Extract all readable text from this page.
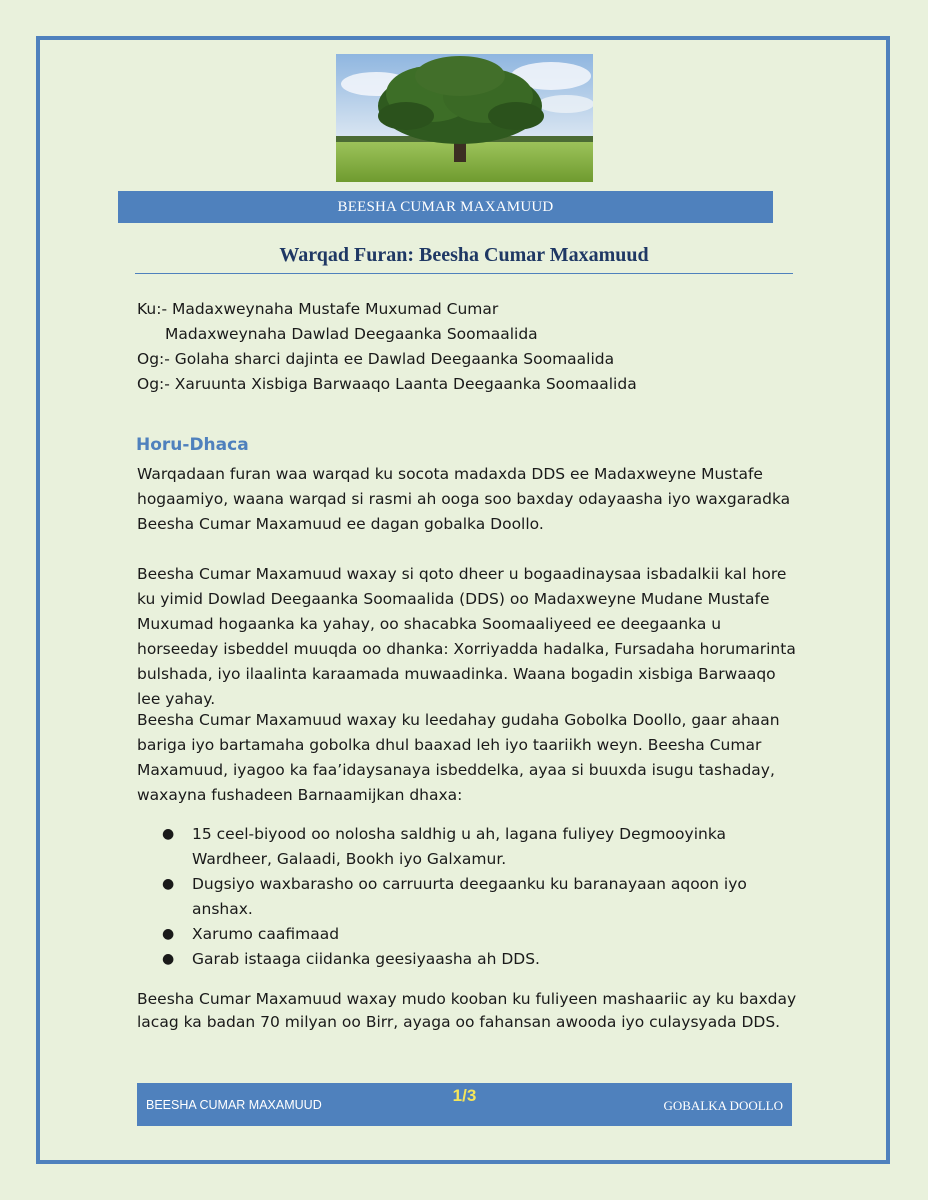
BEESHA CUMAR MAXAMUUD
Warqad Furan: Beesha Cumar Maxamuud
Ku:- Madaxweynaha Mustafe Muxumad Cumar
Madaxweynaha Dawlad Deegaanka Soomaalida
Og:- Golaha sharci dajinta ee Dawlad Deegaanka Soomaalida
Og:- Xaruunta Xisbiga Barwaaqo Laanta Deegaanka Soomaalida
Horu-Dhaca

Warqadaan furan waa warqad ku socota madaxda DDS ee Madaxweyne Mustafe hogaamiyo, waana warqad si rasmi ah ooga soo baxday odayaasha iyo waxgaradka Beesha Cumar Maxamuud ee dagan gobalka Doollo.

Beesha Cumar Maxamuud waxay si qoto dheer u bogaadinaysaa isbadalkii kal hore ku yimid Dowlad Deegaanka Soomaalida (DDS) oo Madaxweyne Mudane Mustafe Muxumad hogaanka ka yahay, oo shacabka Soomaaliyeed ee deegaanka u horseeday isbeddel muuqda oo dhanka: Xorriyadda hadalka, Fursadaha horumarinta bulshada, iyo ilaalinta karaamada muwaadinka. Waana bogadin xisbiga Barwaaqo lee yahay.

Beesha Cumar Maxamuud waxay ku leedahay gudaha Gobolka Doollo, gaar ahaan bariga iyo bartamaha gobolka dhul baaxad leh iyo taariikh weyn. Beesha Cumar Maxamuud, iyagoo ka faa’idaysanaya isbeddelka, ayaa si buuxda isugu tashaday, waxayna fushadeen Barnaamijkan dhaxa:

● 15 ceel-biyood oo nolosha saldhig u ah, lagana fuliyey Degmooyinka Wardheer, Galaadi, Bookh iyo Galxamur.
● Dugsiyo waxbarasho oo carruurta deegaanku ku baranayaan aqoon iyo anshax.
● Xarumo caafimaad
● Garab istaaga ciidanka geesiyaasha ah DDS.

Beesha Cumar Maxamuud waxay mudo kooban ku fuliyeen mashaariic ay ku baxday lacag ka badan 70 milyan oo Birr, ayaga oo fahansan awooda iyo culaysyada DDS.

BEESHA CUMAR MAXAMUUD	1/3
GOBALKA DOOLLO
